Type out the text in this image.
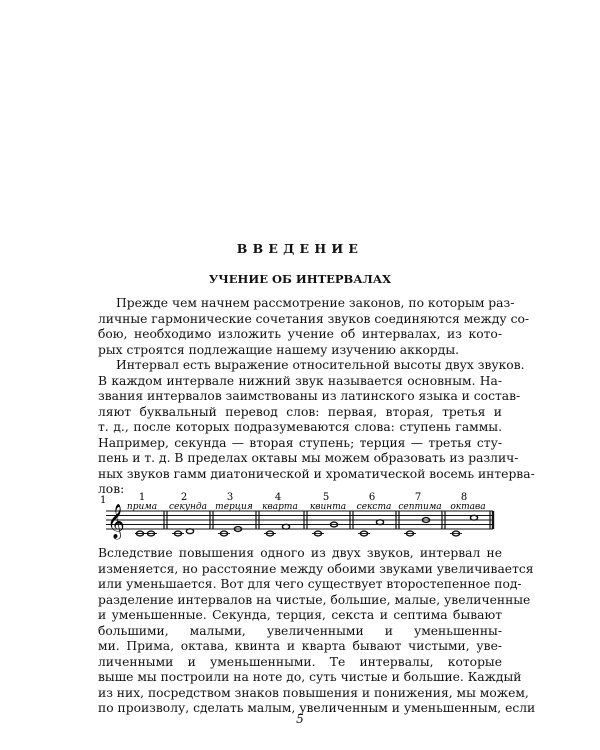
ВВЕДЕНИЕ
УЧЕНИЕ ОБ ИНТЕРВАЛАХ
Прежде чем начнем рассмотрение законов, по которым раз-
личные гармонические сочетания звуков соединяются между со-
бою, необходимо изложить учение об интервалах, из кото-
рых строятся подлежащие нашему изучению аккорды.
Интервал есть выражение относительной высоты двух звуков.
В каждом интервале нижний звук называется основным. На-
звания интервалов заимствованы из латинского языка и состав-
ляют буквальный перевод слов: первая, вторая, третья и
т. д., после которых подразумеваются слова: ступень гаммы.
Например, секунда — вторая ступень; терция — третья сту-
пень и т. д. В пределах октавы мы можем образовать из различ-
ных звуков гамм диатонической и хроматической восемь интерва-
лов:
1
𝄞
1	2	3	4	5	6	7	8
прима секунда терция кварта квинта секста септима октава
Вследствие повышения одного из двух звуков, интервал не
изменяется, но расстояние между обоими звуками увеличивается
или уменьшается. Вот для чего существует второстепенное под-
разделение интервалов на чистые, большие, малые, увеличенные
и уменьшенные. Секунда, терция, секста и септима бывают
большими, малыми, увеличенными и уменьшенны-
ми. Прима, октава, квинта и кварта бывают чистыми, уве-
личенными и уменьшенными. Те интервалы, которые
выше мы построили на ноте до, суть чистые и большие. Каждый
из них, посредством знаков повышения и понижения, мы можем,
по произволу, сделать малым, увеличенным и уменьшенным, если
5
